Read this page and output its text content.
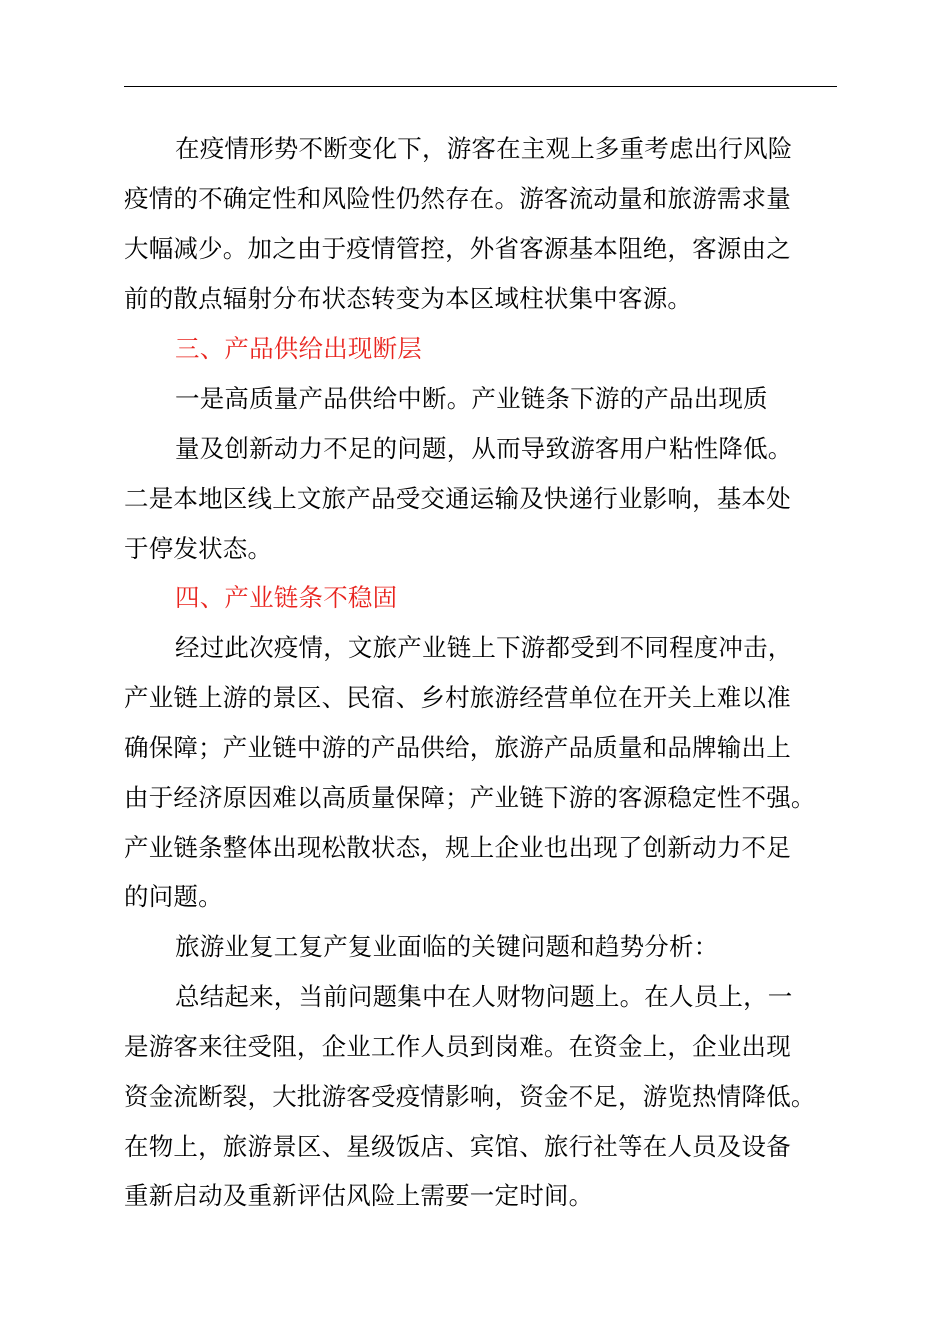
在疫情形势不断变化下，游客在主观上多重考虑出行风险
疫情的不确定性和风险性仍然存在。游客流动量和旅游需求量
大幅减少。加之由于疫情管控，外省客源基本阻绝，客源由之
前的散点辐射分布状态转变为本区域柱状集中客源。
三、产品供给出现断层
一是高质量产品供给中断。产业链条下游的产品出现质
量及创新动力不足的问题，从而导致游客用户粘性降低。
二是本地区线上文旅产品受交通运输及快递行业影响，基本处
于停发状态。
四、产业链条不稳固
经过此次疫情，文旅产业链上下游都受到不同程度冲击，
产业链上游的景区、民宿、乡村旅游经营单位在开关上难以准
确保障；产业链中游的产品供给，旅游产品质量和品牌输出上
由于经济原因难以高质量保障；产业链下游的客源稳定性不强。
产业链条整体出现松散状态，规上企业也出现了创新动力不足
的问题。
旅游业复工复产复业面临的关键问题和趋势分析：
总结起来，当前问题集中在人财物问题上。在人员上，一
是游客来往受阻，企业工作人员到岗难。在资金上，企业出现
资金流断裂，大批游客受疫情影响，资金不足，游览热情降低。
在物上，旅游景区、星级饭店、宾馆、旅行社等在人员及设备
重新启动及重新评估风险上需要一定时间。
